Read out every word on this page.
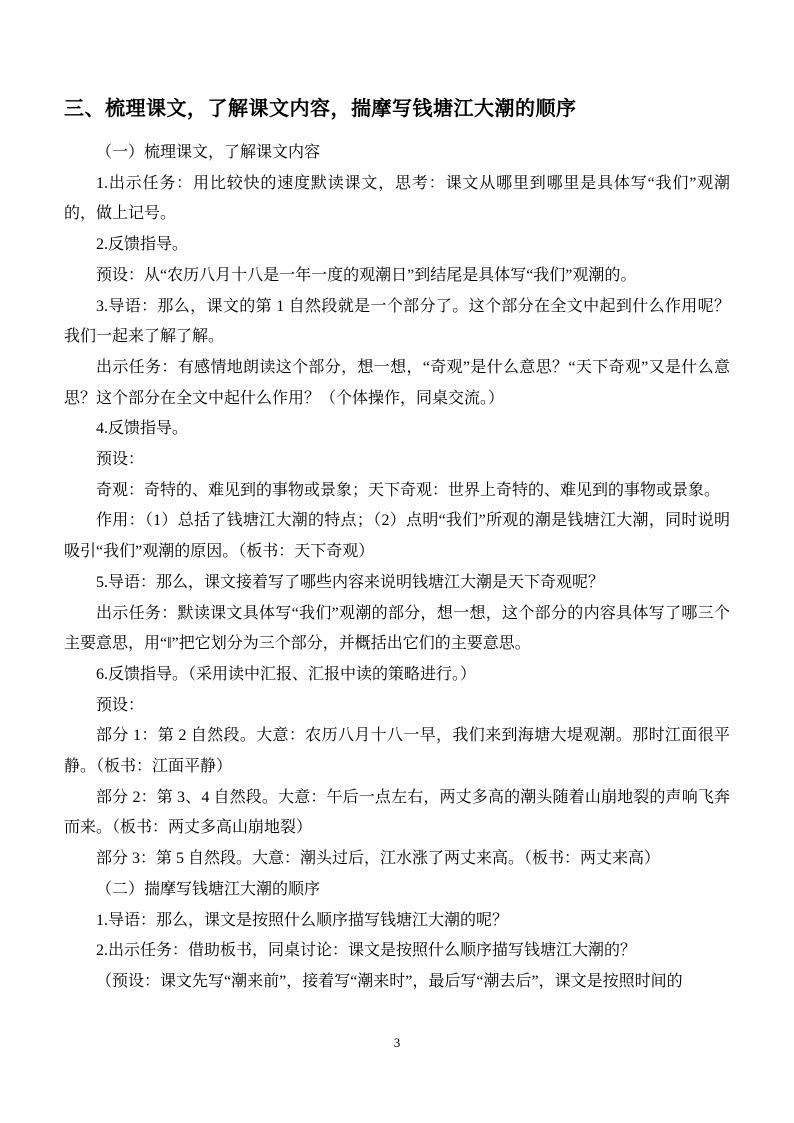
三、梳理课文，了解课文内容，揣摩写钱塘江大潮的顺序

（一）梳理课文，了解课文内容

1.出示任务：用比较快的速度默读课文，思考：课文从哪里到哪里是具体写“我们”观潮的，做上记号。

2.反馈指导。

预设：从“农历八月十八是一年一度的观潮日”到结尾是具体写“我们”观潮的。

3.导语：那么，课文的第 1 自然段就是一个部分了。这个部分在全文中起到什么作用呢？我们一起来了解了解。

出示任务：有感情地朗读这个部分，想一想，“奇观”是什么意思？“天下奇观”又是什么意思？这个部分在全文中起什么作用？（个体操作，同桌交流。）

4.反馈指导。

预设：

奇观：奇特的、难见到的事物或景象；天下奇观：世界上奇特的、难见到的事物或景象。

作用：（1）总括了钱塘江大潮的特点；（2）点明“我们”所观的潮是钱塘江大潮，同时说明吸引“我们”观潮的原因。（板书：天下奇观）

5.导语：那么，课文接着写了哪些内容来说明钱塘江大潮是天下奇观呢？

出示任务：默读课文具体写“我们”观潮的部分，想一想，这个部分的内容具体写了哪三个主要意思，用“‖”把它划分为三个部分，并概括出它们的主要意思。

6.反馈指导。（采用读中汇报、汇报中读的策略进行。）

预设：

部分 1：第 2 自然段。大意：农历八月十八一早，我们来到海塘大堤观潮。那时江面很平静。（板书：江面平静）

部分 2：第 3、4 自然段。大意：午后一点左右，两丈多高的潮头随着山崩地裂的声响飞奔而来。（板书：两丈多高山崩地裂）

部分 3：第 5 自然段。大意：潮头过后，江水涨了两丈来高。（板书：两丈来高）

（二）揣摩写钱塘江大潮的顺序

1.导语：那么，课文是按照什么顺序描写钱塘江大潮的呢？

2.出示任务：借助板书，同桌讨论：课文是按照什么顺序描写钱塘江大潮的？

（预设：课文先写“潮来前”，接着写“潮来时”，最后写“潮去后”，课文是按照时间的

3
